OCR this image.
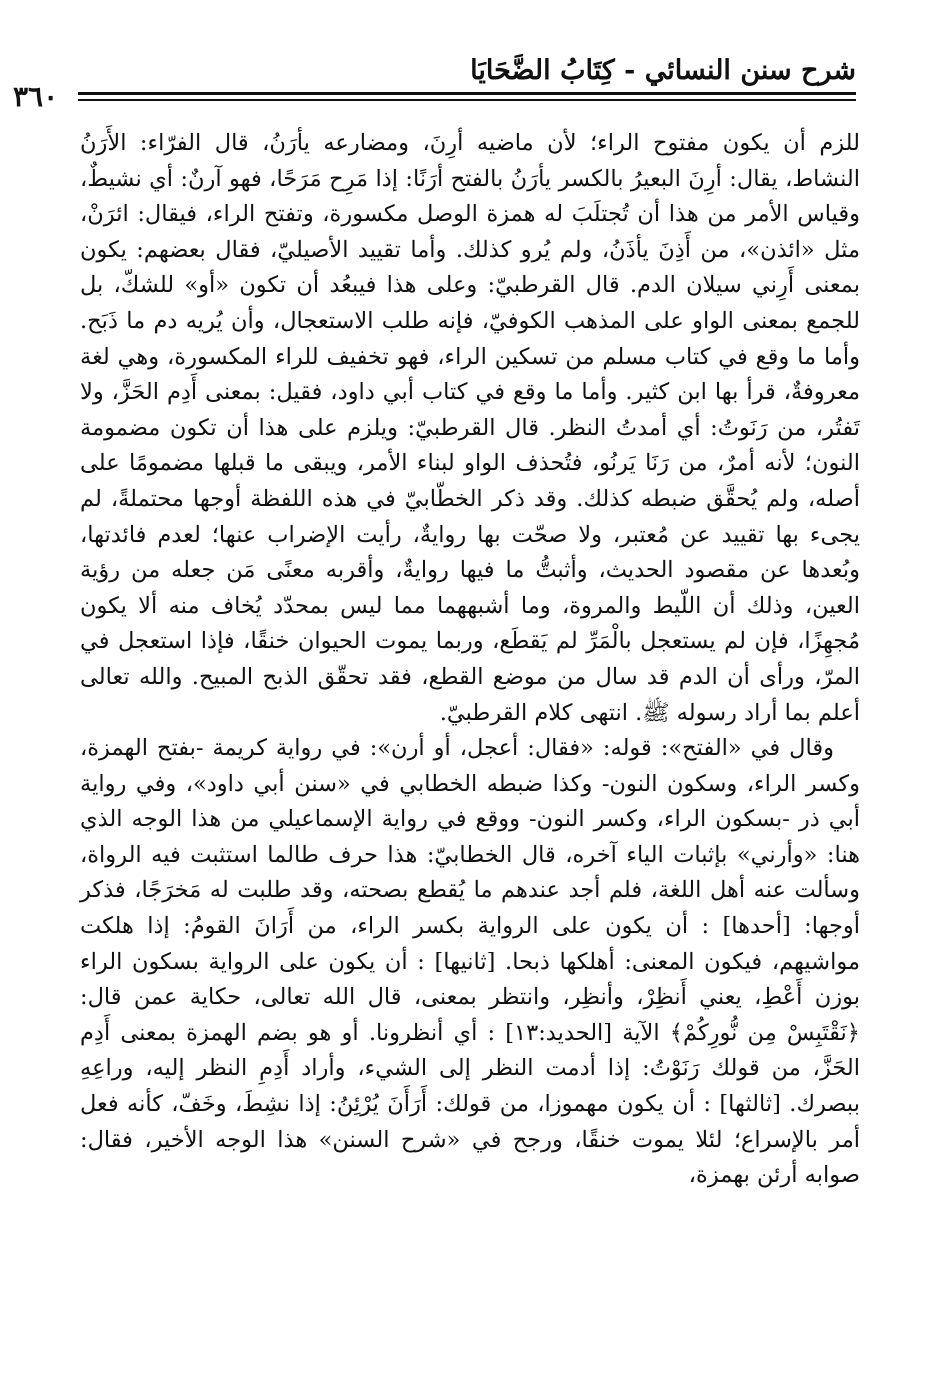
شرح سنن النسائي - كِتَابُ الضَّحَايَا
٣٦٠

للزم أن يكون مفتوح الراء؛ لأن ماضيه أرِنَ، ومضارعه يأرَنُ، قال الفرّاء: الأَرَنُ النشاط، يقال: أرِنَ البعيرُ بالكسر يأرَنُ بالفتح أرَنًا: إذا مَرِح مَرَحًا، فهو آرنٌ: أي نشيطٌ، وقياس الأمر من هذا أن تُجتلَبَ له همزة الوصل مكسورة، وتفتح الراء، فيقال: ائرَنْ، مثل «ائذن»، من أَذِنَ يأذَنُ، ولم يُرو كذلك. وأما تقييد الأصيليّ، فقال بعضهم: يكون بمعنى أَرِني سيلان الدم. قال القرطبيّ: وعلى هذا فيبعُد أن تكون «أو» للشكّ، بل للجمع بمعنى الواو على المذهب الكوفيّ، فإنه طلب الاستعجال، وأن يُريه دم ما ذَبَح. وأما ما وقع في كتاب مسلم من تسكين الراء، فهو تخفيف للراء المكسورة، وهي لغة معروفةٌ، قرأ بها ابن كثير. وأما ما وقع في كتاب أبي داود، فقيل: بمعنى أَدِم الحَزَّ، ولا تَفتُر، من رَنَوتُ: أي أمدتُ النظر. قال القرطبيّ: ويلزم على هذا أن تكون مضمومة النون؛ لأنه أمرٌ، من رَنَا يَرنُو، فتُحذف الواو لبناء الأمر، ويبقى ما قبلها مضمومًا على أصله، ولم يُحقَّق ضبطه كذلك. وقد ذكر الخطّابيّ في هذه اللفظة أوجها محتملةً، لم يجىء بها تقييد عن مُعتبر، ولا صحّت بها روايةٌ، رأيت الإضراب عنها؛ لعدم فائدتها، وبُعدها عن مقصود الحديث، وأثبتُّ ما فيها روايةٌ، وأقربه معنًى مَن جعله من رؤية العين، وذلك أن اللّيط والمروة، وما أشبههما مما ليس بمحدّد يُخاف منه ألا يكون مُجهِزًا، فإن لم يستعجل بالْمَرِّ لم يَقطَع، وربما يموت الحيوان خنقًا، فإذا استعجل في المرّ، ورأى أن الدم قد سال من موضع القطع، فقد تحقّق الذبح المبيح. والله تعالى أعلم بما أراد رسوله ﷺ. انتهى كلام القرطبيّ.

وقال في «الفتح»: قوله: «فقال: أعجل، أو أرن»: في رواية كريمة -بفتح الهمزة، وكسر الراء، وسكون النون- وكذا ضبطه الخطابي في «سنن أبي داود»، وفي رواية أبي ذر -بسكون الراء، وكسر النون- ووقع في رواية الإسماعيلي من هذا الوجه الذي هنا: «وأرني» بإثبات الياء آخره، قال الخطابيّ: هذا حرف طالما استثبت فيه الرواة، وسألت عنه أهل اللغة، فلم أجد عندهم ما يُقطع بصحته، وقد طلبت له مَخرَجًا، فذكر أوجها: [أحدها] : أن يكون على الرواية بكسر الراء، من أَرَانَ القومُ: إذا هلكت مواشيهم، فيكون المعنى: أهلكها ذبحا. [ثانيها] : أن يكون على الرواية بسكون الراء بوزن أَعْطِ، يعني أَنظِرْ، وأنظِر، وانتظر بمعنى، قال الله تعالى، حكاية عمن قال: ﴿نَقْتَبِسْ مِن نُّورِكُمْ﴾ الآية [الحديد:١٣] : أي أنظرونا. أو هو بضم الهمزة بمعنى أَدِم الحَزَّ، من قولك رَنَوْتُ: إذا أدمت النظر إلى الشيء، وأراد أَدِمِ النظر إليه، وراعِهِ ببصرك. [ثالثها] : أن يكون مهموزا، من قولك: أَرَأَنَ يُرْئِنُ: إذا نشِطَ، وخَفّ، كأنه فعل أمر بالإسراع؛ لئلا يموت خنقًا، ورجح في «شرح السنن» هذا الوجه الأخير، فقال: صوابه أرئن بهمزة،
